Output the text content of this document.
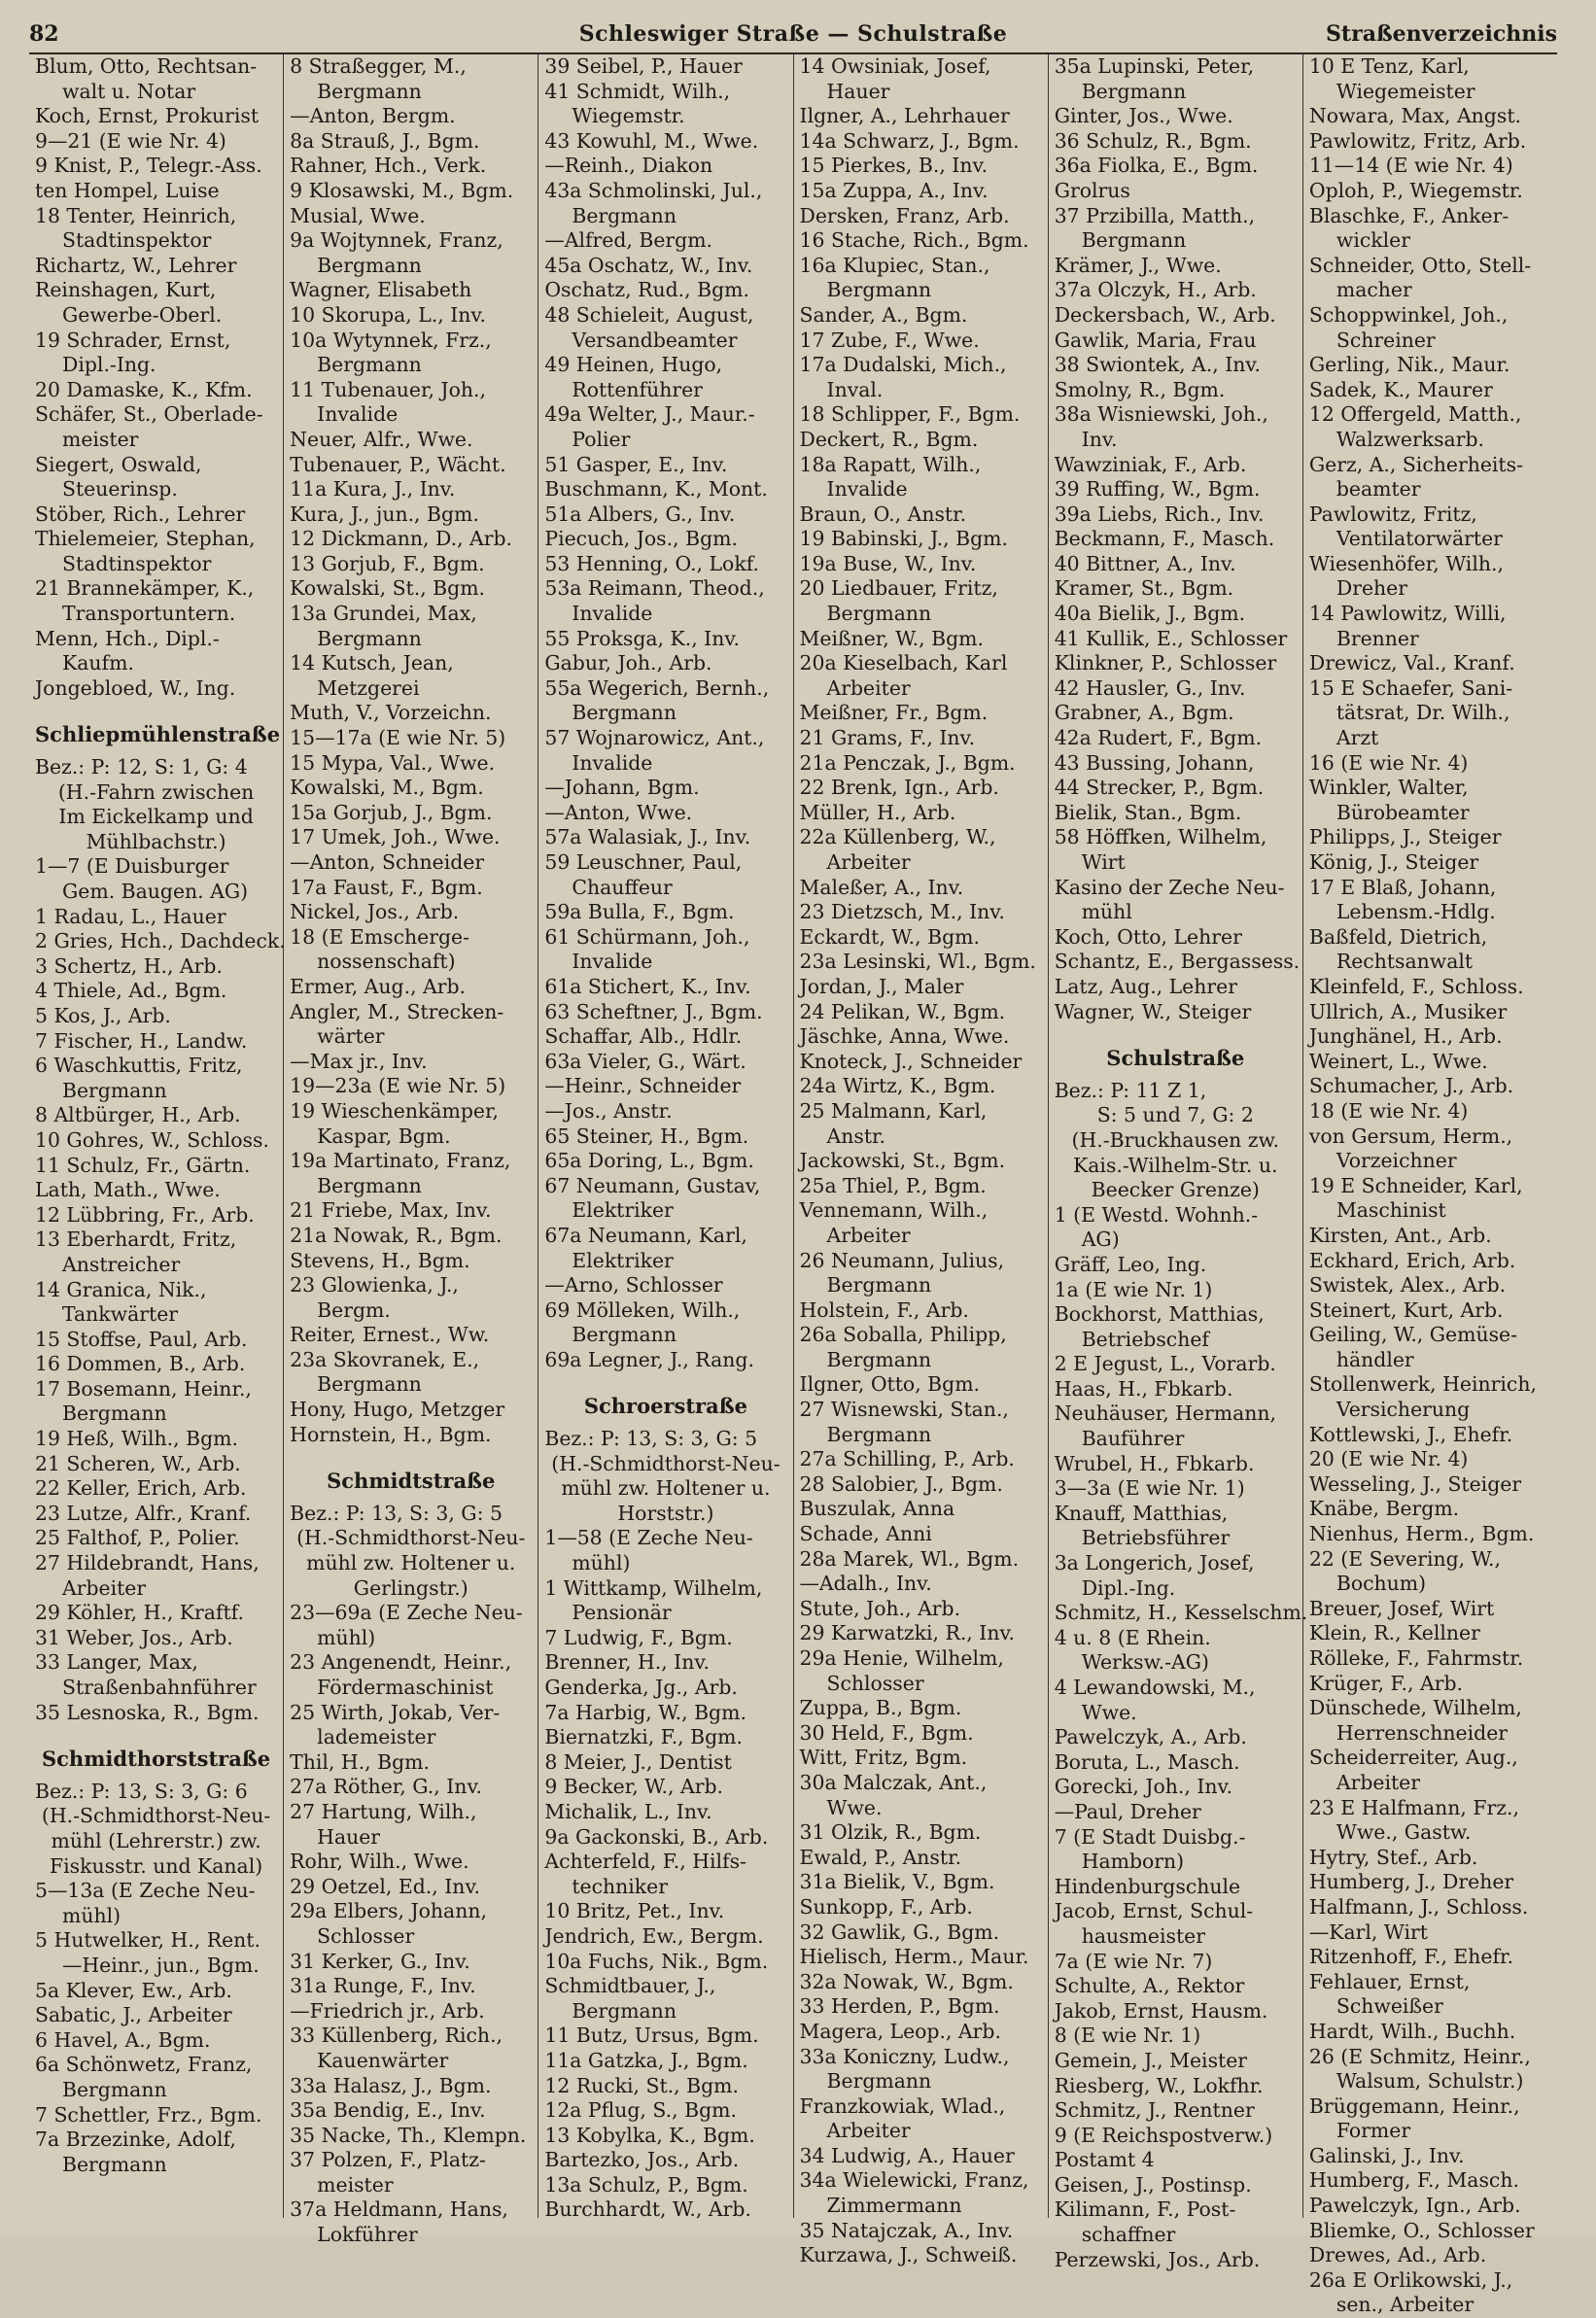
82	Schleswiger Straße — Schulstraße	Straßenverzeichnis
Blum, Otto, Rechtsan-
walt u. Notar
Koch, Ernst, Prokurist
9—21 (E wie Nr. 4)
9 Knist, P., Telegr.-Ass.
ten Hompel, Luise
18 Tenter, Heinrich,
Stadtinspektor
Richartz, W., Lehrer
Reinshagen, Kurt,
Gewerbe-Oberl.
19 Schrader, Ernst,
Dipl.-Ing.
20 Damaske, K., Kfm.
Schäfer, St., Oberlade-
meister
Siegert, Oswald,
Steuerinsp.
Stöber, Rich., Lehrer
Thielemeier, Stephan,
Stadtinspektor
21 Brannekämper, K.,
Transportuntern.
Menn, Hch., Dipl.-
Kaufm.
Jongebloed, W., Ing.
Schliepmühlenstraße
Bez.: P: 12, S: 1, G: 4
(H.-Fahrn zwischen
Im Eickelkamp und
Mühlbachstr.)
1—7 (E Duisburger
Gem. Baugen. AG)
1 Radau, L., Hauer
2 Gries, Hch., Dachdeck.
3 Schertz, H., Arb.
4 Thiele, Ad., Bgm.
5 Kos, J., Arb.
7 Fischer, H., Landw.
6 Waschkuttis, Fritz,
Bergmann
8 Altbürger, H., Arb.
10 Gohres, W., Schloss.
11 Schulz, Fr., Gärtn.
Lath, Math., Wwe.
12 Lübbring, Fr., Arb.
13 Eberhardt, Fritz,
Anstreicher
14 Granica, Nik.,
Tankwärter
15 Stoffse, Paul, Arb.
16 Dommen, B., Arb.
17 Bosemann, Heinr.,
Bergmann
19 Heß, Wilh., Bgm.
21 Scheren, W., Arb.
22 Keller, Erich, Arb.
23 Lutze, Alfr., Kranf.
25 Falthof, P., Polier.
27 Hildebrandt, Hans,
Arbeiter
29 Köhler, H., Kraftf.
31 Weber, Jos., Arb.
33 Langer, Max,
Straßenbahnführer
35 Lesnoska, R., Bgm.
Schmidthorststraße
Bez.: P: 13, S: 3, G: 6
(H.-Schmidthorst-Neu-
mühl (Lehrerstr.) zw.
Fiskusstr. und Kanal)
5—13a (E Zeche Neu-
mühl)
5 Hutwelker, H., Rent.
—Heinr., jun., Bgm.
5a Klever, Ew., Arb.
Sabatic, J., Arbeiter
6 Havel, A., Bgm.
6a Schönwetz, Franz,
Bergmann
7 Schettler, Frz., Bgm.
7a Brzezinke, Adolf,
Bergmann
8 Straßegger, M.,
Bergmann
—Anton, Bergm.
8a Strauß, J., Bgm.
Rahner, Hch., Verk.
9 Klosawski, M., Bgm.
Musial, Wwe.
9a Wojtynnek, Franz,
Bergmann
Wagner, Elisabeth
10 Skorupa, L., Inv.
10a Wytynnek, Frz.,
Bergmann
11 Tubenauer, Joh.,
Invalide
Neuer, Alfr., Wwe.
Tubenauer, P., Wächt.
11a Kura, J., Inv.
Kura, J., jun., Bgm.
12 Dickmann, D., Arb.
13 Gorjub, F., Bgm.
Kowalski, St., Bgm.
13a Grundei, Max,
Bergmann
14 Kutsch, Jean,
Metzgerei
Muth, V., Vorzeichn.
15—17a (E wie Nr. 5)
15 Mypa, Val., Wwe.
Kowalski, M., Bgm.
15a Gorjub, J., Bgm.
17 Umek, Joh., Wwe.
—Anton, Schneider
17a Faust, F., Bgm.
Nickel, Jos., Arb.
18 (E Emscherge-
nossenschaft)
Ermer, Aug., Arb.
Angler, M., Strecken-
wärter
—Max jr., Inv.
19—23a (E wie Nr. 5)
19 Wieschenkämper,
Kaspar, Bgm.
19a Martinato, Franz,
Bergmann
21 Friebe, Max, Inv.
21a Nowak, R., Bgm.
Stevens, H., Bgm.
23 Glowienka, J.,
Bergm.
Reiter, Ernest., Ww.
23a Skovranek, E.,
Bergmann
Hony, Hugo, Metzger
Hornstein, H., Bgm.
Schmidtstraße
Bez.: P: 13, S: 3, G: 5
(H.-Schmidthorst-Neu-
mühl zw. Holtener u.
Gerlingstr.)
23—69a (E Zeche Neu-
mühl)
23 Angenendt, Heinr.,
Fördermaschinist
25 Wirth, Jokab, Ver-
lademeister
Thil, H., Bgm.
27a Röther, G., Inv.
27 Hartung, Wilh.,
Hauer
Rohr, Wilh., Wwe.
29 Oetzel, Ed., Inv.
29a Elbers, Johann,
Schlosser
31 Kerker, G., Inv.
31a Runge, F., Inv.
—Friedrich jr., Arb.
33 Küllenberg, Rich.,
Kauenwärter
33a Halasz, J., Bgm.
35a Bendig, E., Inv.
35 Nacke, Th., Klempn.
37 Polzen, F., Platz-
meister
37a Heldmann, Hans,
Lokführer
39 Seibel, P., Hauer
41 Schmidt, Wilh.,
Wiegemstr.
43 Kowuhl, M., Wwe.
—Reinh., Diakon
43a Schmolinski, Jul.,
Bergmann
—Alfred, Bergm.
45a Oschatz, W., Inv.
Oschatz, Rud., Bgm.
48 Schieleit, August,
Versandbeamter
49 Heinen, Hugo,
Rottenführer
49a Welter, J., Maur.-
Polier
51 Gasper, E., Inv.
Buschmann, K., Mont.
51a Albers, G., Inv.
Piecuch, Jos., Bgm.
53 Henning, O., Lokf.
53a Reimann, Theod.,
Invalide
55 Proksga, K., Inv.
Gabur, Joh., Arb.
55a Wegerich, Bernh.,
Bergmann
57 Wojnarowicz, Ant.,
Invalide
—Johann, Bgm.
—Anton, Wwe.
57a Walasiak, J., Inv.
59 Leuschner, Paul,
Chauffeur
59a Bulla, F., Bgm.
61 Schürmann, Joh.,
Invalide
61a Stichert, K., Inv.
63 Scheftner, J., Bgm.
Schaffar, Alb., Hdlr.
63a Vieler, G., Wärt.
—Heinr., Schneider
—Jos., Anstr.
65 Steiner, H., Bgm.
65a Doring, L., Bgm.
67 Neumann, Gustav,
Elektriker
67a Neumann, Karl,
Elektriker
—Arno, Schlosser
69 Mölleken, Wilh.,
Bergmann
69a Legner, J., Rang.
Schroerstraße
Bez.: P: 13, S: 3, G: 5
(H.-Schmidthorst-Neu-
mühl zw. Holtener u.
Horststr.)
1—58 (E Zeche Neu-
mühl)
1 Wittkamp, Wilhelm,
Pensionär
7 Ludwig, F., Bgm.
Brenner, H., Inv.
Genderka, Jg., Arb.
7a Harbig, W., Bgm.
Biernatzki, F., Bgm.
8 Meier, J., Dentist
9 Becker, W., Arb.
Michalik, L., Inv.
9a Gackonski, B., Arb.
Achterfeld, F., Hilfs-
techniker
10 Britz, Pet., Inv.
Jendrich, Ew., Bergm.
10a Fuchs, Nik., Bgm.
Schmidtbauer, J.,
Bergmann
11 Butz, Ursus, Bgm.
11a Gatzka, J., Bgm.
12 Rucki, St., Bgm.
12a Pflug, S., Bgm.
13 Kobylka, K., Bgm.
Bartezko, Jos., Arb.
13a Schulz, P., Bgm.
Burchhardt, W., Arb.
14 Owsiniak, Josef,
Hauer
Ilgner, A., Lehrhauer
14a Schwarz, J., Bgm.
15 Pierkes, B., Inv.
15a Zuppa, A., Inv.
Dersken, Franz, Arb.
16 Stache, Rich., Bgm.
16a Klupiec, Stan.,
Bergmann
Sander, A., Bgm.
17 Zube, F., Wwe.
17a Dudalski, Mich.,
Inval.
18 Schlipper, F., Bgm.
Deckert, R., Bgm.
18a Rapatt, Wilh.,
Invalide
Braun, O., Anstr.
19 Babinski, J., Bgm.
19a Buse, W., Inv.
20 Liedbauer, Fritz,
Bergmann
Meißner, W., Bgm.
20a Kieselbach, Karl
Arbeiter
Meißner, Fr., Bgm.
21 Grams, F., Inv.
21a Penczak, J., Bgm.
22 Brenk, Ign., Arb.
Müller, H., Arb.
22a Küllenberg, W.,
Arbeiter
Maleßer, A., Inv.
23 Dietzsch, M., Inv.
Eckardt, W., Bgm.
23a Lesinski, Wl., Bgm.
Jordan, J., Maler
24 Pelikan, W., Bgm.
Jäschke, Anna, Wwe.
Knoteck, J., Schneider
24a Wirtz, K., Bgm.
25 Malmann, Karl,
Anstr.
Jackowski, St., Bgm.
25a Thiel, P., Bgm.
Vennemann, Wilh.,
Arbeiter
26 Neumann, Julius,
Bergmann
Holstein, F., Arb.
26a Soballa, Philipp,
Bergmann
Ilgner, Otto, Bgm.
27 Wisnewski, Stan.,
Bergmann
27a Schilling, P., Arb.
28 Salobier, J., Bgm.
Buszulak, Anna
Schade, Anni
28a Marek, Wl., Bgm.
—Adalh., Inv.
Stute, Joh., Arb.
29 Karwatzki, R., Inv.
29a Henie, Wilhelm,
Schlosser
Zuppa, B., Bgm.
30 Held, F., Bgm.
Witt, Fritz, Bgm.
30a Malczak, Ant.,
Wwe.
31 Olzik, R., Bgm.
Ewald, P., Anstr.
31a Bielik, V., Bgm.
Sunkopp, F., Arb.
32 Gawlik, G., Bgm.
Hielisch, Herm., Maur.
32a Nowak, W., Bgm.
33 Herden, P., Bgm.
Magera, Leop., Arb.
33a Koniczny, Ludw.,
Bergmann
Franzkowiak, Wlad.,
Arbeiter
34 Ludwig, A., Hauer
34a Wielewicki, Franz,
Zimmermann
35 Natajczak, A., Inv.
Kurzawa, J., Schweiß.
35a Lupinski, Peter,
Bergmann
Ginter, Jos., Wwe.
36 Schulz, R., Bgm.
36a Fiolka, E., Bgm.
Grolrus
37 Przibilla, Matth.,
Bergmann
Krämer, J., Wwe.
37a Olczyk, H., Arb.
Deckersbach, W., Arb.
Gawlik, Maria, Frau
38 Swiontek, A., Inv.
Smolny, R., Bgm.
38a Wisniewski, Joh.,
Inv.
Wawziniak, F., Arb.
39 Ruffing, W., Bgm.
39a Liebs, Rich., Inv.
Beckmann, F., Masch.
40 Bittner, A., Inv.
Kramer, St., Bgm.
40a Bielik, J., Bgm.
41 Kullik, E., Schlosser
Klinkner, P., Schlosser
42 Hausler, G., Inv.
Grabner, A., Bgm.
42a Rudert, F., Bgm.
43 Bussing, Johann,
44 Strecker, P., Bgm.
Bielik, Stan., Bgm.
58 Höffken, Wilhelm,
Wirt
Kasino der Zeche Neu-
mühl
Koch, Otto, Lehrer
Schantz, E., Bergassess.
Latz, Aug., Lehrer
Wagner, W., Steiger
Schulstraße
Bez.: P: 11 Z 1,
S: 5 und 7, G: 2
(H.-Bruckhausen zw.
Kais.-Wilhelm-Str. u.
Beecker Grenze)
1 (E Westd. Wohnh.-
AG)
Gräff, Leo, Ing.
1a (E wie Nr. 1)
Bockhorst, Matthias,
Betriebschef
2 E Jegust, L., Vorarb.
Haas, H., Fbkarb.
Neuhäuser, Hermann,
Bauführer
Wrubel, H., Fbkarb.
3—3a (E wie Nr. 1)
Knauff, Matthias,
Betriebsführer
3a Longerich, Josef,
Dipl.-Ing.
Schmitz, H., Kesselschm.
4 u. 8 (E Rhein.
Werksw.-AG)
4 Lewandowski, M.,
Wwe.
Pawelczyk, A., Arb.
Boruta, L., Masch.
Gorecki, Joh., Inv.
—Paul, Dreher
7 (E Stadt Duisbg.-
Hamborn)
Hindenburgschule
Jacob, Ernst, Schul-
hausmeister
7a (E wie Nr. 7)
Schulte, A., Rektor
Jakob, Ernst, Hausm.
8 (E wie Nr. 1)
Gemein, J., Meister
Riesberg, W., Lokfhr.
Schmitz, J., Rentner
9 (E Reichspostverw.)
Postamt 4
Geisen, J., Postinsp.
Kilimann, F., Post-
schaffner
Perzewski, Jos., Arb.
10 E Tenz, Karl,
Wiegemeister
Nowara, Max, Angst.
Pawlowitz, Fritz, Arb.
11—14 (E wie Nr. 4)
Oploh, P., Wiegemstr.
Blaschke, F., Anker-
wickler
Schneider, Otto, Stell-
macher
Schoppwinkel, Joh.,
Schreiner
Gerling, Nik., Maur.
Sadek, K., Maurer
12 Offergeld, Matth.,
Walzwerksarb.
Gerz, A., Sicherheits-
beamter
Pawlowitz, Fritz,
Ventilatorwärter
Wiesenhöfer, Wilh.,
Dreher
14 Pawlowitz, Willi,
Brenner
Drewicz, Val., Kranf.
15 E Schaefer, Sani-
tätsrat, Dr. Wilh.,
Arzt
16 (E wie Nr. 4)
Winkler, Walter,
Bürobeamter
Philipps, J., Steiger
König, J., Steiger
17 E Blaß, Johann,
Lebensm.-Hdlg.
Baßfeld, Dietrich,
Rechtsanwalt
Kleinfeld, F., Schloss.
Ullrich, A., Musiker
Junghänel, H., Arb.
Weinert, L., Wwe.
Schumacher, J., Arb.
18 (E wie Nr. 4)
von Gersum, Herm.,
Vorzeichner
19 E Schneider, Karl,
Maschinist
Kirsten, Ant., Arb.
Eckhard, Erich, Arb.
Swistek, Alex., Arb.
Steinert, Kurt, Arb.
Geiling, W., Gemüse-
händler
Stollenwerk, Heinrich,
Versicherung
Kottlewski, J., Ehefr.
20 (E wie Nr. 4)
Wesseling, J., Steiger
Knäbe, Bergm.
Nienhus, Herm., Bgm.
22 (E Severing, W.,
Bochum)
Breuer, Josef, Wirt
Klein, R., Kellner
Rölleke, F., Fahrmstr.
Krüger, F., Arb.
Dünschede, Wilhelm,
Herrenschneider
Scheiderreiter, Aug.,
Arbeiter
23 E Halfmann, Frz.,
Wwe., Gastw.
Hytry, Stef., Arb.
Humberg, J., Dreher
Halfmann, J., Schloss.
—Karl, Wirt
Ritzenhoff, F., Ehefr.
Fehlauer, Ernst,
Schweißer
Hardt, Wilh., Buchh.
26 (E Schmitz, Heinr.,
Walsum, Schulstr.)
Brüggemann, Heinr.,
Former
Galinski, J., Inv.
Humberg, F., Masch.
Pawelczyk, Ign., Arb.
Bliemke, O., Schlosser
Drewes, Ad., Arb.
26a E Orlikowski, J.,
sen., Arbeiter
